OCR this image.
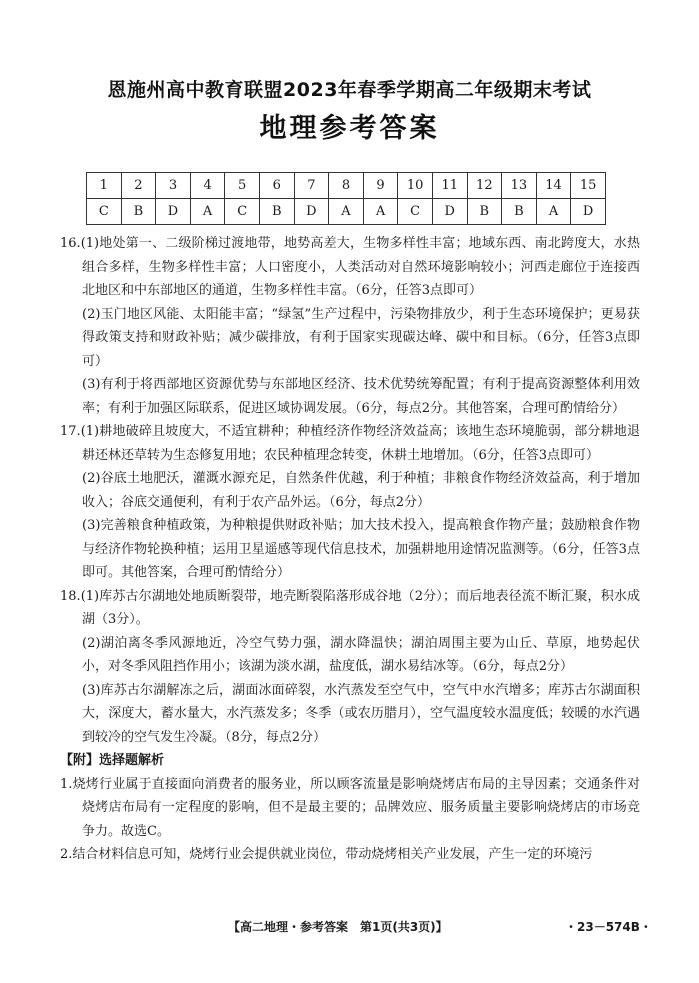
恩施州高中教育联盟2023年春季学期高二年级期末考试
地理参考答案
1	2	3	4	5	6	7	8	9	10	11	12	13	14	15
C	B	D	A	C	B	D	A	A	C	D	B	B	A	D

16.(1)地处第一、二级阶梯过渡地带，地势高差大，生物多样性丰富；地域东西、南北跨度大，水热组合多样，生物多样性丰富；人口密度小，人类活动对自然环境影响较小；河西走廊位于连接西北地区和中东部地区的通道，生物多样性丰富。（6分，任答3点即可）

(2)玉门地区风能、太阳能丰富；“绿氢”生产过程中，污染物排放少，利于生态环境保护；更易获得政策支持和财政补贴；减少碳排放，有利于国家实现碳达峰、碳中和目标。（6分，任答3点即可）

(3)有利于将西部地区资源优势与东部地区经济、技术优势统筹配置；有利于提高资源整体利用效率；有利于加强区际联系，促进区域协调发展。（6分，每点2分。其他答案，合理可酌情给分）

17.(1)耕地破碎且坡度大，不适宜耕种；种植经济作物经济效益高；该地生态环境脆弱，部分耕地退耕还林还草转为生态修复用地；农民种植理念转变，休耕土地增加。（6分，任答3点即可）

(2)谷底土地肥沃，灌溉水源充足，自然条件优越，利于种植；非粮食作物经济效益高，利于增加收入；谷底交通便利，有利于农产品外运。（6分，每点2分）

(3)完善粮食种植政策，为种粮提供财政补贴；加大技术投入，提高粮食作物产量；鼓励粮食作物与经济作物轮换种植；运用卫星遥感等现代信息技术，加强耕地用途情况监测等。（6分，任答3点即可。其他答案，合理可酌情给分）

18.(1)库苏古尔湖地处地质断裂带，地壳断裂陷落形成谷地（2分）；而后地表径流不断汇聚，积水成湖（3分）。

(2)湖泊离冬季风源地近，冷空气势力强，湖水降温快；湖泊周围主要为山丘、草原，地势起伏小，对冬季风阻挡作用小；该湖为淡水湖，盐度低，湖水易结冰等。（6分，每点2分）

(3)库苏古尔湖解冻之后，湖面冰面碎裂，水汽蒸发至空气中，空气中水汽增多；库苏古尔湖面积大，深度大，蓄水量大，水汽蒸发多；冬季（或农历腊月），空气温度较水温度低；较暖的水汽遇到较冷的空气发生冷凝。（8分，每点2分）

【附】选择题解析

1.烧烤行业属于直接面向消费者的服务业，所以顾客流量是影响烧烤店布局的主导因素；交通条件对烧烤店布局有一定程度的影响，但不是最主要的；品牌效应、服务质量主要影响烧烤店的市场竞争力。故选C。

2.结合材料信息可知，烧烤行业会提供就业岗位，带动烧烤相关产业发展，产生一定的环境污

【高二地理・参考答案　第1页(共3页)】	・23－574B・
